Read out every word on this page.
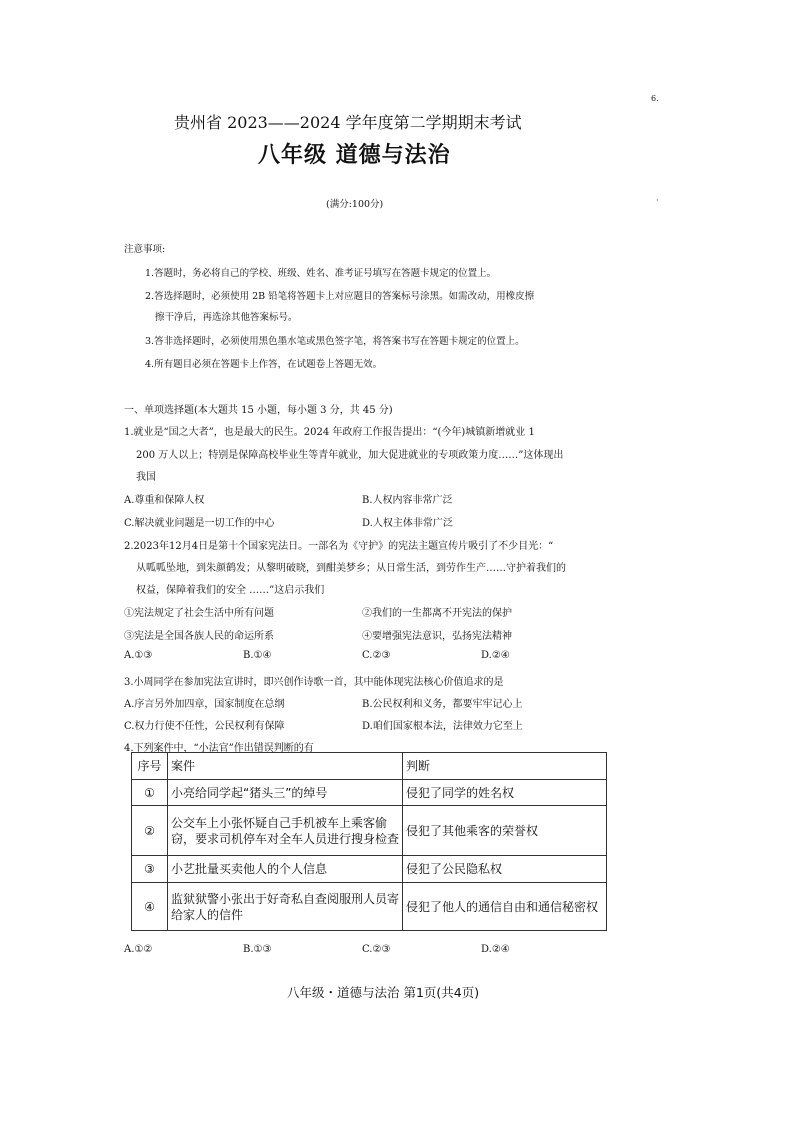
6.
·
贵州省 2023——2024 学年度第二学期期末考试
八年级 道德与法治
(满分:100分)
注意事项:
1.答题时，务必将自己的学校、班级、姓名、准考证号填写在答题卡规定的位置上。
2.答选择题时，必须使用 2B 铅笔将答题卡上对应题目的答案标号涂黑。如需改动，用橡皮擦
擦干净后，再选涂其他答案标号。
3.答非选择题时，必须使用黑色墨水笔或黑色签字笔，将答案书写在答题卡规定的位置上。
4.所有题目必须在答题卡上作答，在试题卷上答题无效。
一、单项选择题(本大题共 15 小题，每小题 3 分，共 45 分)
1.就业是“国之大者”，也是最大的民生。2024 年政府工作报告提出：“(今年)城镇新增就业 1
200 万人以上；特别是保障高校毕业生等青年就业，加大促进就业的专项政策力度……”这体现出
我国
A.尊重和保障人权	B.人权内容非常广泛
C.解决就业问题是一切工作的中心	D.人权主体非常广泛
2.2023年12月4日是第十个国家宪法日。一部名为《守护》的宪法主题宣传片吸引了不少目光：“
从呱呱坠地，到朱颜鹤发；从黎明破晓，到酣美梦乡；从日常生活，到劳作生产……守护着我们的
权益，保障着我们的安全 ……”这启示我们
①宪法规定了社会生活中所有问题	②我们的一生都离不开宪法的保护
③宪法是全国各族人民的命运所系	④要增强宪法意识，弘扬宪法精神
A.①③	B.①④	C.②③	D.②④
3.小周同学在参加宪法宣讲时，即兴创作诗歌一首，其中能体现宪法核心价值追求的是
A.序言另外加四章，国家制度在总纲	B.公民权利和义务，都要牢牢记心上
C.权力行使不任性，公民权利有保障	D.咱们国家根本法，法律效力它至上
4.下列案件中，“小法官”作出错误判断的有
序号	案件	判断
①	小亮给同学起“猪头三”的绰号	侵犯了同学的姓名权
②	公交车上小张怀疑自己手机被车上乘客偷窃，要求司机停车对全车人员进行搜身检查	侵犯了其他乘客的荣誉权
③	小艺批量买卖他人的个人信息	侵犯了公民隐私权
④	监狱狱警小张出于好奇私自查阅服刑人员寄给家人的信件	侵犯了他人的通信自由和通信秘密权
A.①②	B.①③	C.②③	D.②④
八年级・道德与法治 第1页(共4页)
